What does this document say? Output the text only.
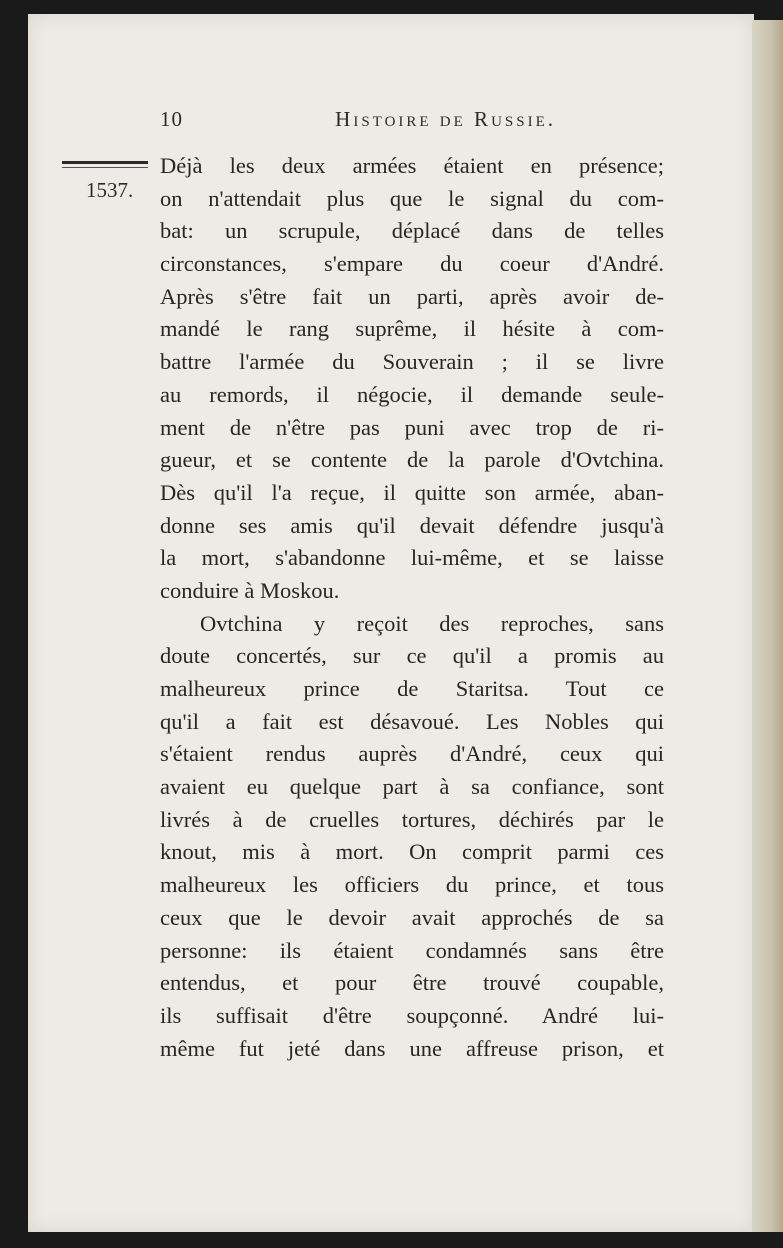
10	Histoire de Russie.
1537.
Déjà les deux armées étaient en présence;
on n'attendait plus que le signal du com-
bat: un scrupule, déplacé dans de telles
circonstances, s'empare du coeur d'André.
Après s'être fait un parti, après avoir de-
mandé le rang suprême, il hésite à com-
battre l'armée du Souverain ; il se livre
au remords, il négocie, il demande seule-
ment de n'être pas puni avec trop de ri-
gueur, et se contente de la parole d'Ovtchina.
Dès qu'il l'a reçue, il quitte son armée, aban-
donne ses amis qu'il devait défendre jusqu'à
la mort, s'abandonne lui-même, et se laisse
conduire à Moskou.
Ovtchina y reçoit des reproches, sans
doute concertés, sur ce qu'il a promis au
malheureux prince de Staritsa. Tout ce
qu'il a fait est désavoué. Les Nobles qui
s'étaient rendus auprès d'André, ceux qui
avaient eu quelque part à sa confiance, sont
livrés à de cruelles tortures, déchirés par le
knout, mis à mort. On comprit parmi ces
malheureux les officiers du prince, et tous
ceux que le devoir avait approchés de sa
personne: ils étaient condamnés sans être
entendus, et pour être trouvé coupable,
ils suffisait d'être soupçonné. André lui-
même fut jeté dans une affreuse prison, et
